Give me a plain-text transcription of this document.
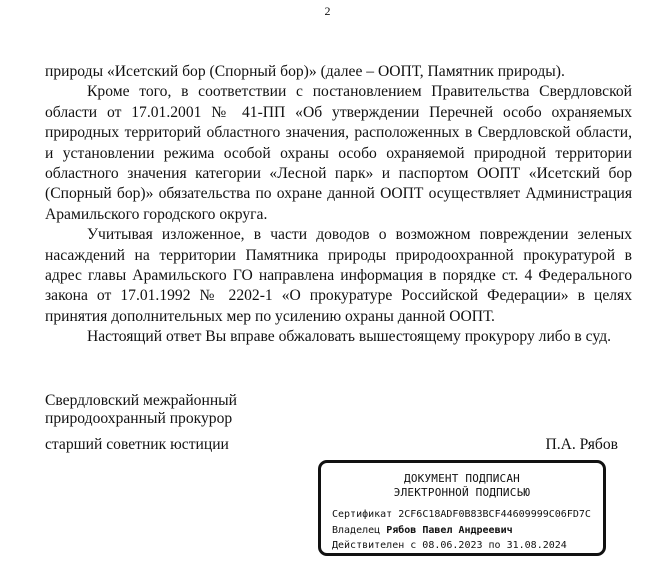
2

природы «Исетский бор (Спорный бор)» (далее – ООПТ, Памятник природы).

Кроме того, в соответствии с постановлением Правительства Свердловской области от 17.01.2001 № 41-ПП «Об утверждении Перечней особо охраняемых природных территорий областного значения, расположенных в Свердловской области, и установлении режима особой охраны особо охраняемой природной территории областного значения категории «Лесной парк» и паспортом ООПТ «Исетский бор (Спорный бор)» обязательства по охране данной ООПТ осуществляет Администрация Арамильского городского округа.

Учитывая изложенное, в части доводов о возможном повреждении зеленых насаждений на территории Памятника природы природоохранной прокуратурой в адрес главы Арамильского ГО направлена информация в порядке ст. 4 Федерального закона от 17.01.1992 № 2202-1 «О прокуратуре Российской Федерации» в целях принятия дополнительных мер по усилению охраны данной ООПТ.

Настоящий ответ Вы вправе обжаловать вышестоящему прокурору либо в суд.

Свердловский межрайонный
природоохранный прокурор
старший советник юстиции	П.А. Рябов
ДОКУМЕНТ ПОДПИСАН
ЭЛЕКТРОННОЙ ПОДПИСЬЮ
Сертификат 2CF6C18ADF0B83BCF44609999C06FD7C
Владелец Рябов Павел Андреевич
Действителен с 08.06.2023 по 31.08.2024
